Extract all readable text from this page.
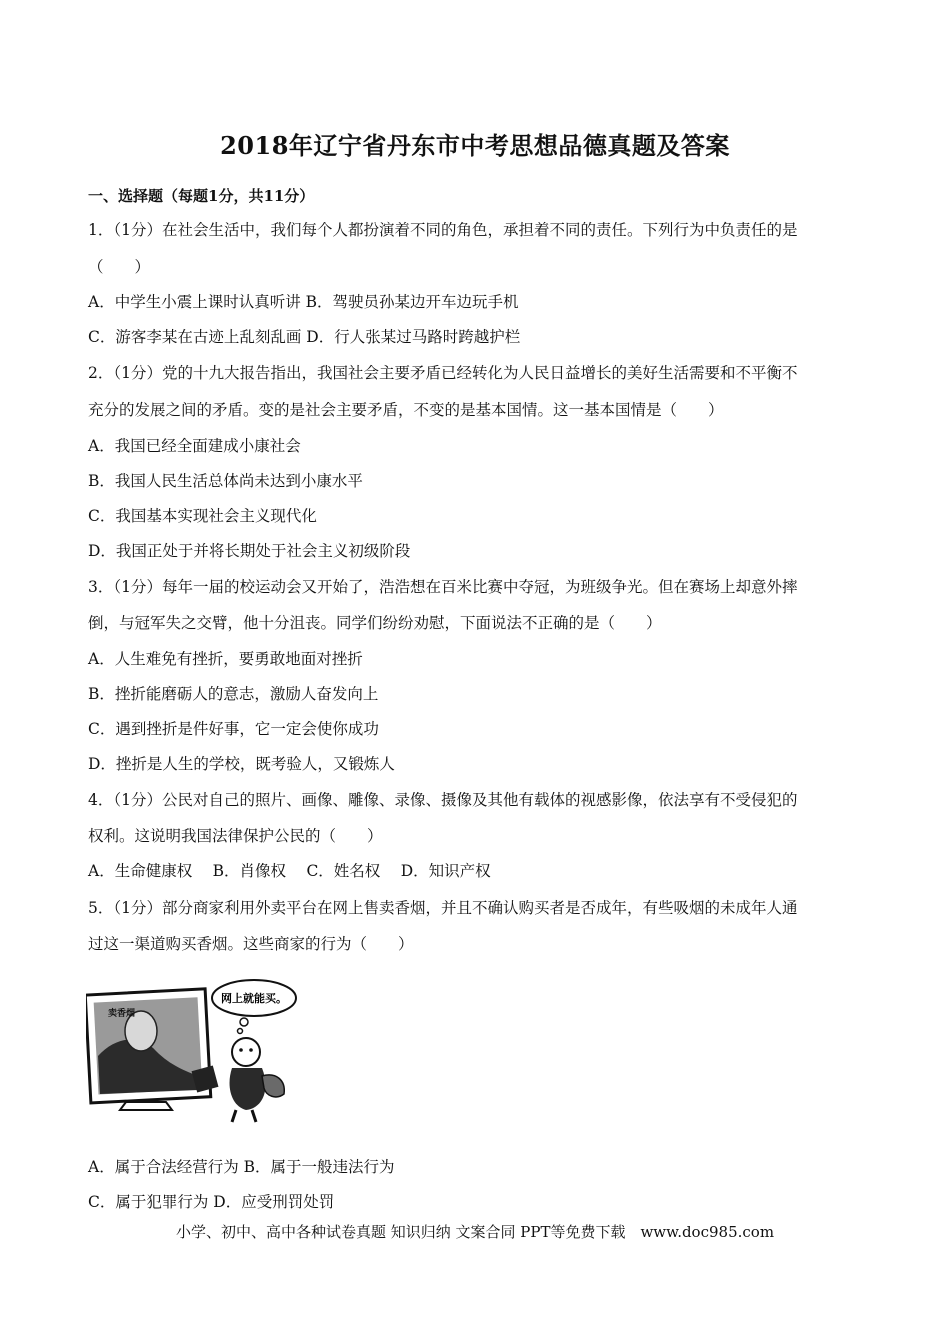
2018年辽宁省丹东市中考思想品德真题及答案
一、选择题（每题1分，共11分）
1．（1分）在社会生活中，我们每个人都扮演着不同的角色，承担着不同的责任。下列行为中负责任的是
（　　）
A．中学生小震上课时认真听讲 B．驾驶员孙某边开车边玩手机
C．游客李某在古迹上乱刻乱画 D．行人张某过马路时跨越护栏
2．（1分）党的十九大报告指出，我国社会主要矛盾已经转化为人民日益增长的美好生活需要和不平衡不
充分的发展之间的矛盾。变的是社会主要矛盾，不变的是基本国情。这一基本国情是（　　）
A．我国已经全面建成小康社会
B．我国人民生活总体尚未达到小康水平
C．我国基本实现社会主义现代化
D．我国正处于并将长期处于社会主义初级阶段
3．（1分）每年一届的校运动会又开始了，浩浩想在百米比赛中夺冠，为班级争光。但在赛场上却意外摔
倒，与冠军失之交臂，他十分沮丧。同学们纷纷劝慰，下面说法不正确的是（　　）
A．人生难免有挫折，要勇敢地面对挫折
B．挫折能磨砺人的意志，激励人奋发向上
C．遇到挫折是件好事，它一定会使你成功
D．挫折是人生的学校，既考验人，又锻炼人
4．（1分）公民对自己的照片、画像、雕像、录像、摄像及其他有载体的视感影像，依法享有不受侵犯的
权利。这说明我国法律保护公民的（　　）
A．生命健康权　 B．肖像权　 C．姓名权　 D．知识产权
5．（1分）部分商家利用外卖平台在网上售卖香烟，并且不确认购买者是否成年，有些吸烟的未成年人通
过这一渠道购买香烟。这些商家的行为（　　）
卖香烟
网上就能买。
A．属于合法经营行为 B．属于一般违法行为
C．属于犯罪行为 D．应受刑罚处罚
小学、初中、高中各种试卷真题 知识归纳 文案合同 PPT等免费下载　www.doc985.com
